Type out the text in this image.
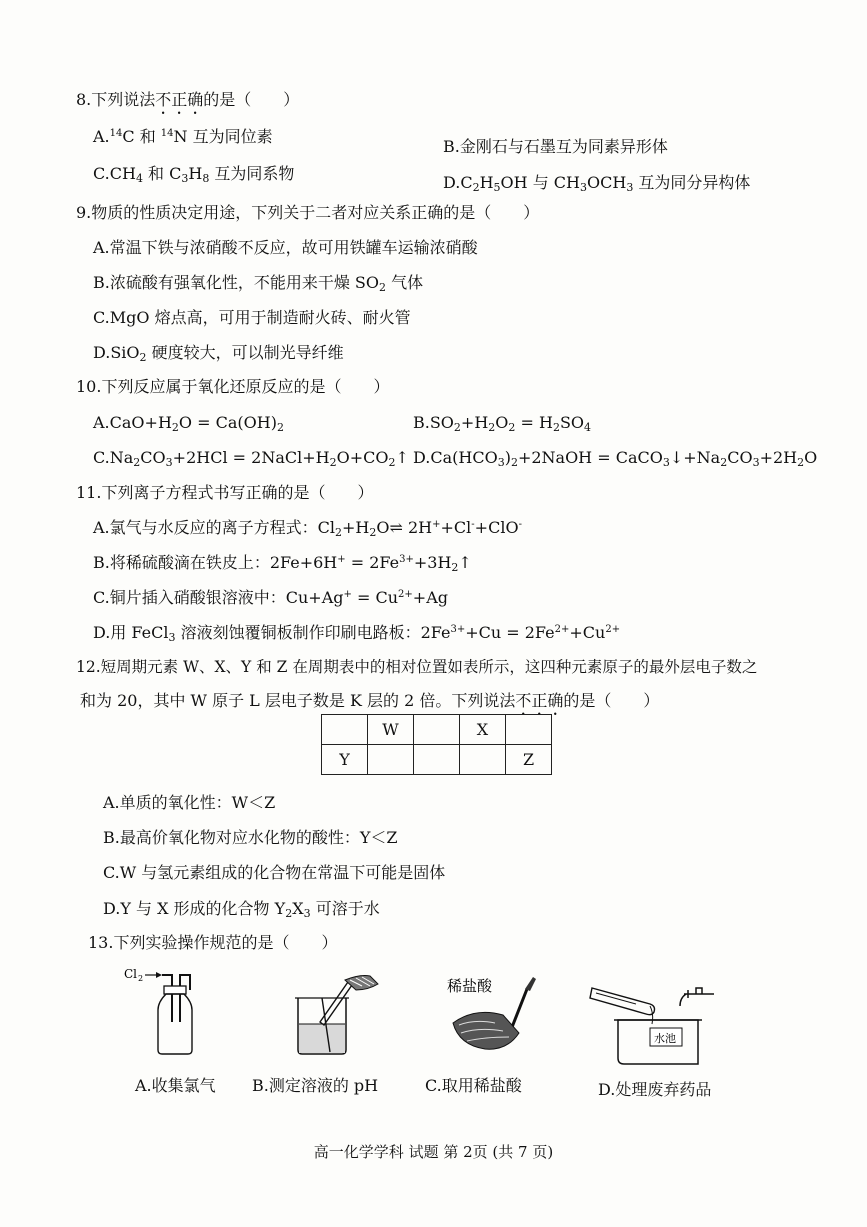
8.下列说法不正确的是（　　）
A.$^{14}$C 和 $^{14}$N 互为同位素
B.金刚石与石墨互为同素异形体
$C.CH_4$ 和 $C_3H_8$ 互为同系物	$D.C_2H_5OH$ 与 $CH_3OCH_3$ 互为同分异构体
9.物质的性质决定用途，下列关于二者对应关系正确的是（　　）
A.常温下铁与浓硝酸不反应，故可用铁罐车运输浓硝酸
B.浓硫酸有强氧化性，不能用来干燥 $SO_2$ 气体
C.MgO 熔点高，可用于制造耐火砖、耐火管
D.SiO$_2$ 硬度较大，可以制光导纤维
10.下列反应属于氧化还原反应的是（　　）
$A.CaO+H_2O = Ca(OH)_2$	$B.SO_2+H_2O_2 = H_2SO_4$
$C.Na_2CO_3+2HCl$ = $2NaCl+H_2O+CO_2↑$ $D.Ca(HCO_3)_2+2NaOH$ = $CaCO_3↓+Na_2CO_3+2H_2O$
11.下列离子方程式书写正确的是（　　）
A.氯气与水反应的离子方程式：$Cl_2+H_2O\rightleftharpoons$ 2H++Cl-+ClO-
B.将稀硫酸滴在铁皮上：$2Fe+6H^+ = 2Fe^{3+}+3H_2↑$
C.铜片插入硝酸银溶液中：$Cu+Ag^+ = Cu^{2+}+Ag$
D.用 FeCl$_3$ 溶液刻蚀覆铜板制作印刷电路板：$2Fe^{3+}+Cu = 2Fe^{2+}+Cu^{2+}$
12.短周期元素 W、X、Y 和 Z 在周期表中的相对位置如表所示，这四种元素原子的最外层电子数之
和为 20，其中 W 原子 L 层电子数是 K 层的 2 倍。下列说法不正确的是（　　）
	W		X	
Y				Z
A.单质的氧化性：W＜Z
B.最高价氧化物对应水化物的酸性：Y＜Z
C.W 与氢元素组成的化合物在常温下可能是固体
D.Y 与 X 形成的化合物 $Y_2X_3$ 可溶于水
13.下列实验操作规范的是（　　）
Cl 2	稀盐酸
水池
A.收集氯气 B.测定溶液的 pH	C.取用稀盐酸	D.处理废弃药品
高一化学学科 试题 第 2页 (共 7 页)
